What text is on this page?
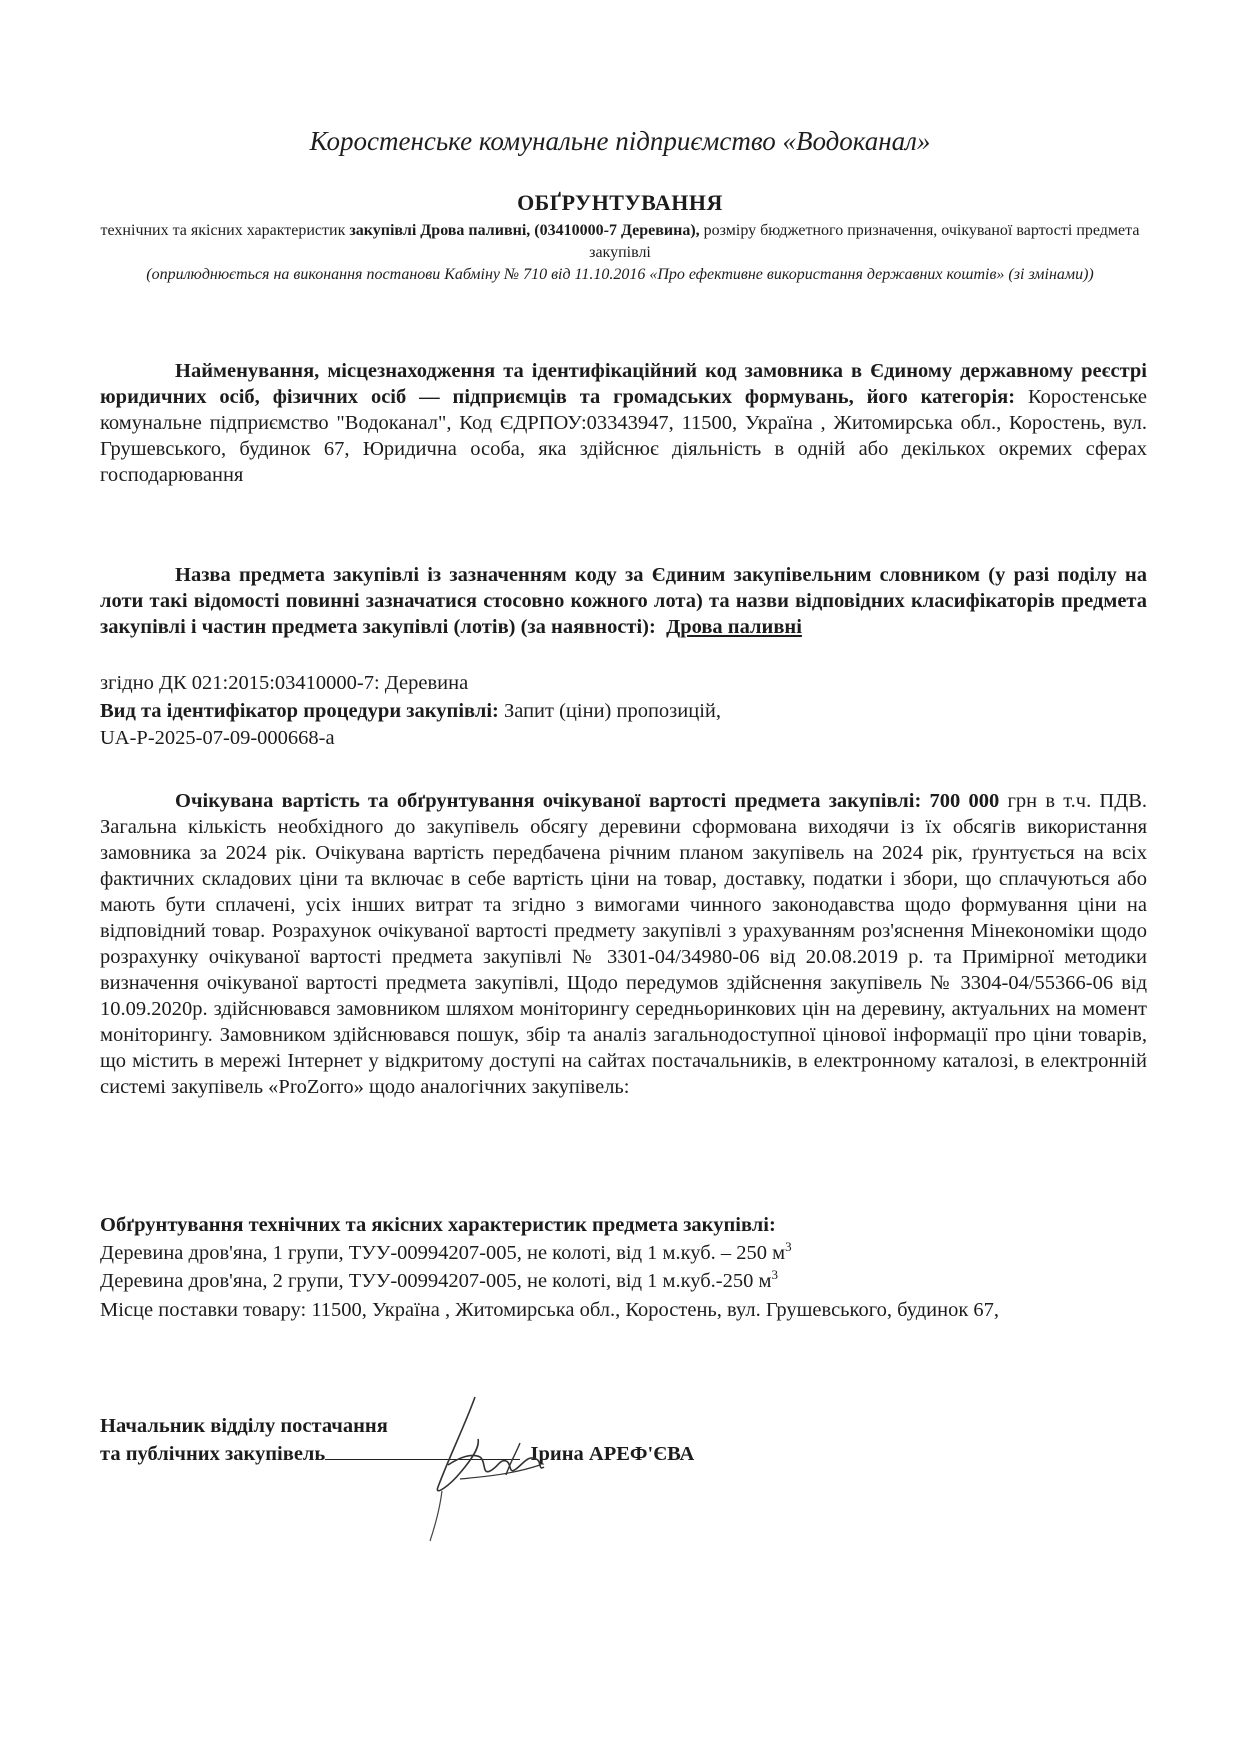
Коростенське комунальне підприємство «Водоканал»
ОБҐРУНТУВАННЯ
технічних та якісних характеристик закупівлі Дрова паливні, (03410000-7 Деревина), розміру бюджетного призначення, очікуваної вартості предмета закупівлі
(оприлюднюється на виконання постанови Кабміну № 710 від 11.10.2016 «Про ефективне використання державних коштів» (зі змінами))
Найменування, місцезнаходження та ідентифікаційний код замовника в Єдиному державному реєстрі юридичних осіб, фізичних осіб — підприємців та громадських формувань, його категорія: Коростенське комунальне підприємство "Водоканал", Код ЄДРПОУ:03343947, 11500, Україна , Житомирська обл., Коростень, вул. Грушевського, будинок 67, Юридична особа, яка здійснює діяльність в одній або декількох окремих сферах господарювання
Назва предмета закупівлі із зазначенням коду за Єдиним закупівельним словником (у разі поділу на лоти такі відомості повинні зазначатися стосовно кожного лота) та назви відповідних класифікаторів предмета закупівлі і частин предмета закупівлі (лотів) (за наявності): Дрова паливні
згідно ДК 021:2015:03410000-7: Деревина
Вид та ідентифікатор процедури закупівлі: Запит (ціни) пропозицій,
UA-P-2025-07-09-000668-a
Очікувана вартість та обґрунтування очікуваної вартості предмета закупівлі: 700 000 грн в т.ч. ПДВ. Загальна кількість необхідного до закупівель обсягу деревини сформована виходячи із їх обсягів використання замовника за 2024 рік. Очікувана вартість передбачена річним планом закупівель на 2024 рік, ґрунтується на всіх фактичних складових ціни та включає в себе вартість ціни на товар, доставку, податки і збори, що сплачуються або мають бути сплачені, усіх інших витрат та згідно з вимогами чинного законодавства щодо формування ціни на відповідний товар. Розрахунок очікуваної вартості предмету закупівлі з урахуванням роз'яснення Мінекономіки щодо розрахунку очікуваної вартості предмета закупівлі № 3301-04/34980-06 від 20.08.2019 р. та Примірної методики визначення очікуваної вартості предмета закупівлі, Щодо передумов здійснення закупівель № 3304-04/55366-06 від 10.09.2020р. здійснювався замовником шляхом моніторингу середньоринкових цін на деревину, актуальних на момент моніторингу. Замовником здійснювався пошук, збір та аналіз загальнодоступної цінової інформації про ціни товарів, що містить в мережі Інтернет у відкритому доступі на сайтах постачальників, в електронному каталозі, в електронній системі закупівель «ProZorro» щодо аналогічних закупівель:
Обґрунтування технічних та якісних характеристик предмета закупівлі:
Деревина дров'яна, 1 групи, ТУУ-00994207-005, не колоті, від 1 м.куб. – 250 $м^3$
Деревина дров'яна, 2 групи, ТУУ-00994207-005, не колоті, від 1 м.куб.-250 $м^3$
Місце поставки товару: 11500, Україна , Житомирська обл., Коростень, вул. Грушевського, будинок 67,
Начальник відділу постачання
та публічних закупівель	Ірина АРЕФ'ЄВА
